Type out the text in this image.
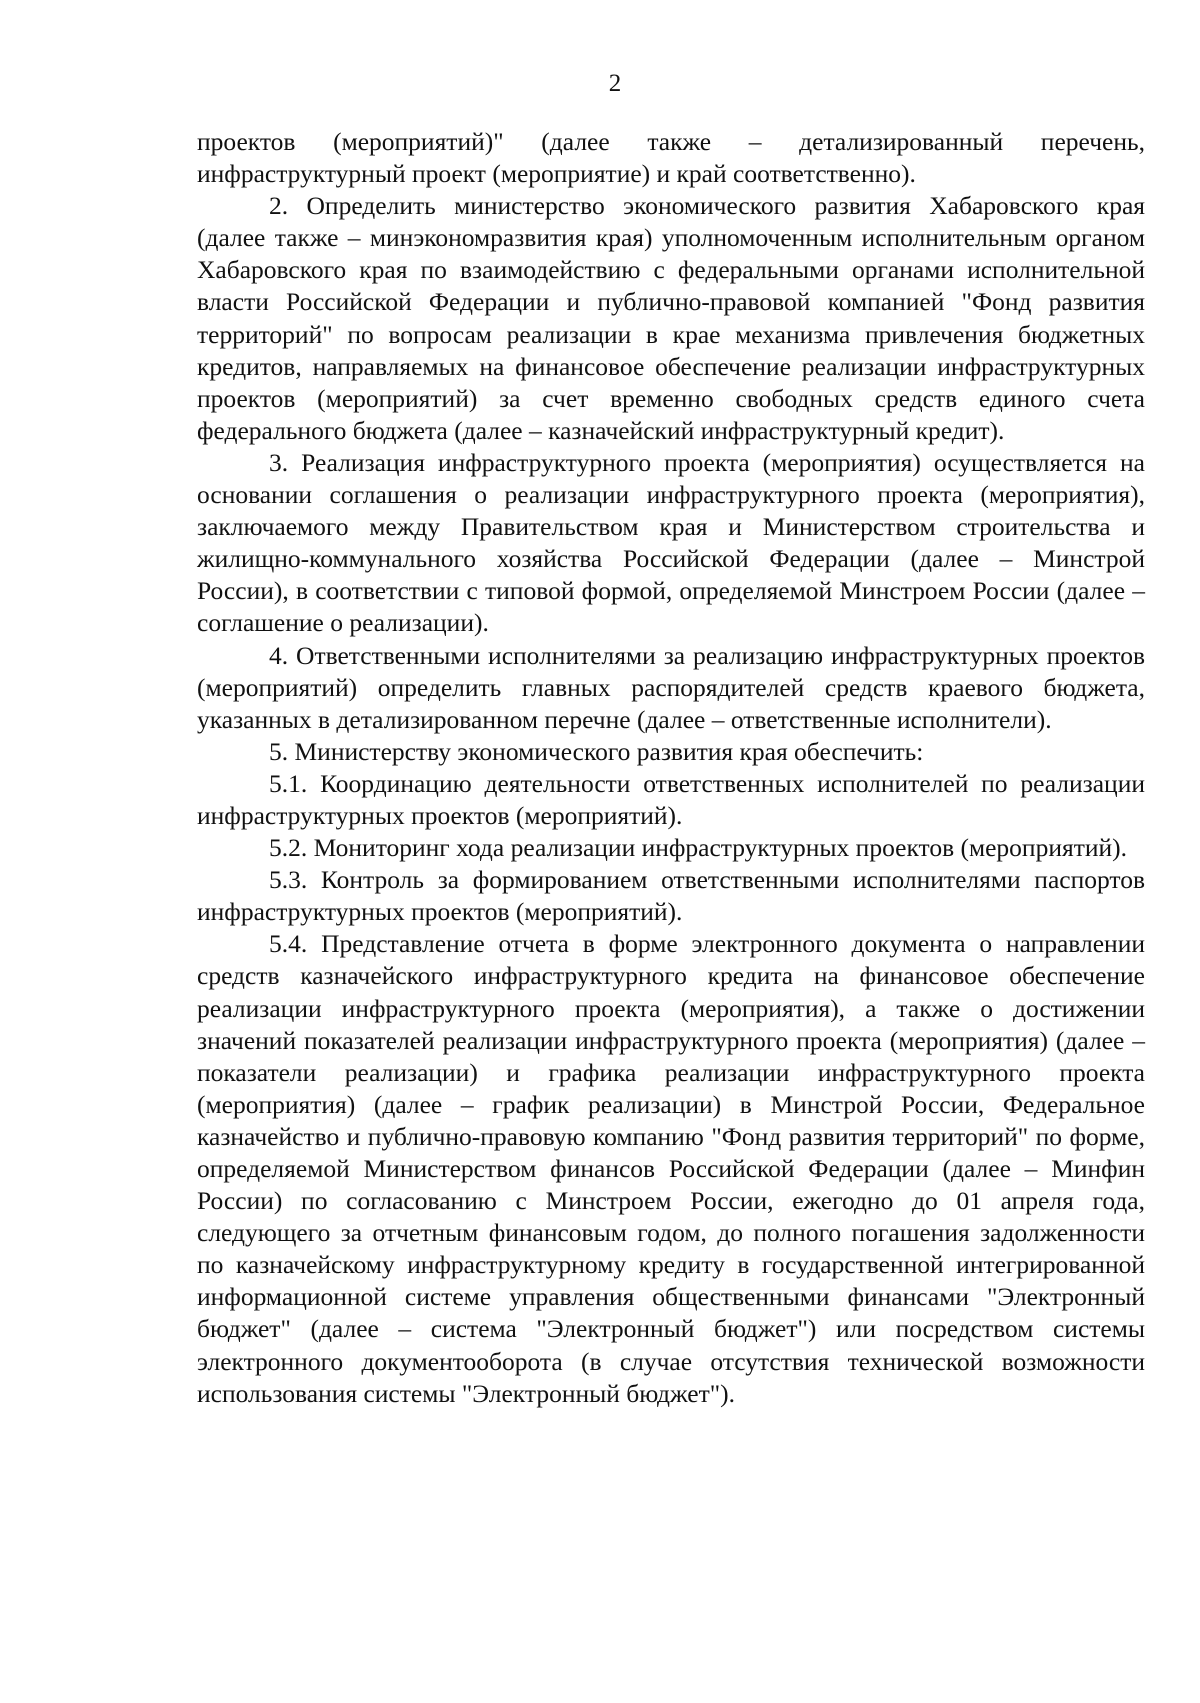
2

проектов (мероприятий)" (далее также – детализированный перечень, инфраструктурный проект (мероприятие) и край соответственно).

2. Определить министерство экономического развития Хабаровского края (далее также – минэкономразвития края) уполномоченным исполнительным органом Хабаровского края по взаимодействию с федеральными органами исполнительной власти Российской Федерации и публично-правовой компанией "Фонд развития территорий" по вопросам реализации в крае механизма привлечения бюджетных кредитов, направляемых на финансовое обеспечение реализации инфраструктурных проектов (мероприятий) за счет временно свободных средств единого счета федерального бюджета (далее – казначейский инфраструктурный кредит).

3. Реализация инфраструктурного проекта (мероприятия) осуществляется на основании соглашения о реализации инфраструктурного проекта (мероприятия), заключаемого между Правительством края и Министерством строительства и жилищно-коммунального хозяйства Российской Федерации (далее – Минстрой России), в соответствии с типовой формой, определяемой Минстроем России (далее – соглашение о реализации).

4. Ответственными исполнителями за реализацию инфраструктурных проектов (мероприятий) определить главных распорядителей средств краевого бюджета, указанных в детализированном перечне (далее – ответственные исполнители).

5. Министерству экономического развития края обеспечить:

5.1. Координацию деятельности ответственных исполнителей по реализации инфраструктурных проектов (мероприятий).

5.2. Мониторинг хода реализации инфраструктурных проектов (мероприятий).

5.3. Контроль за формированием ответственными исполнителями паспортов инфраструктурных проектов (мероприятий).

5.4. Представление отчета в форме электронного документа о направлении средств казначейского инфраструктурного кредита на финансовое обеспечение реализации инфраструктурного проекта (мероприятия), а также о достижении значений показателей реализации инфраструктурного проекта (мероприятия) (далее – показатели реализации) и графика реализации инфраструктурного проекта (мероприятия) (далее – график реализации) в Минстрой России, Федеральное казначейство и публично-правовую компанию "Фонд развития территорий" по форме, определяемой Министерством финансов Российской Федерации (далее – Минфин России) по согласованию с Минстроем России, ежегодно до 01 апреля года, следующего за отчетным финансовым годом, до полного погашения задолженности по казначейскому инфраструктурному кредиту в государственной интегрированной информационной системе управления общественными финансами "Электронный бюджет" (далее – система "Электронный бюджет") или посредством системы электронного документооборота (в случае отсутствия технической возможности использования системы "Электронный бюджет").
